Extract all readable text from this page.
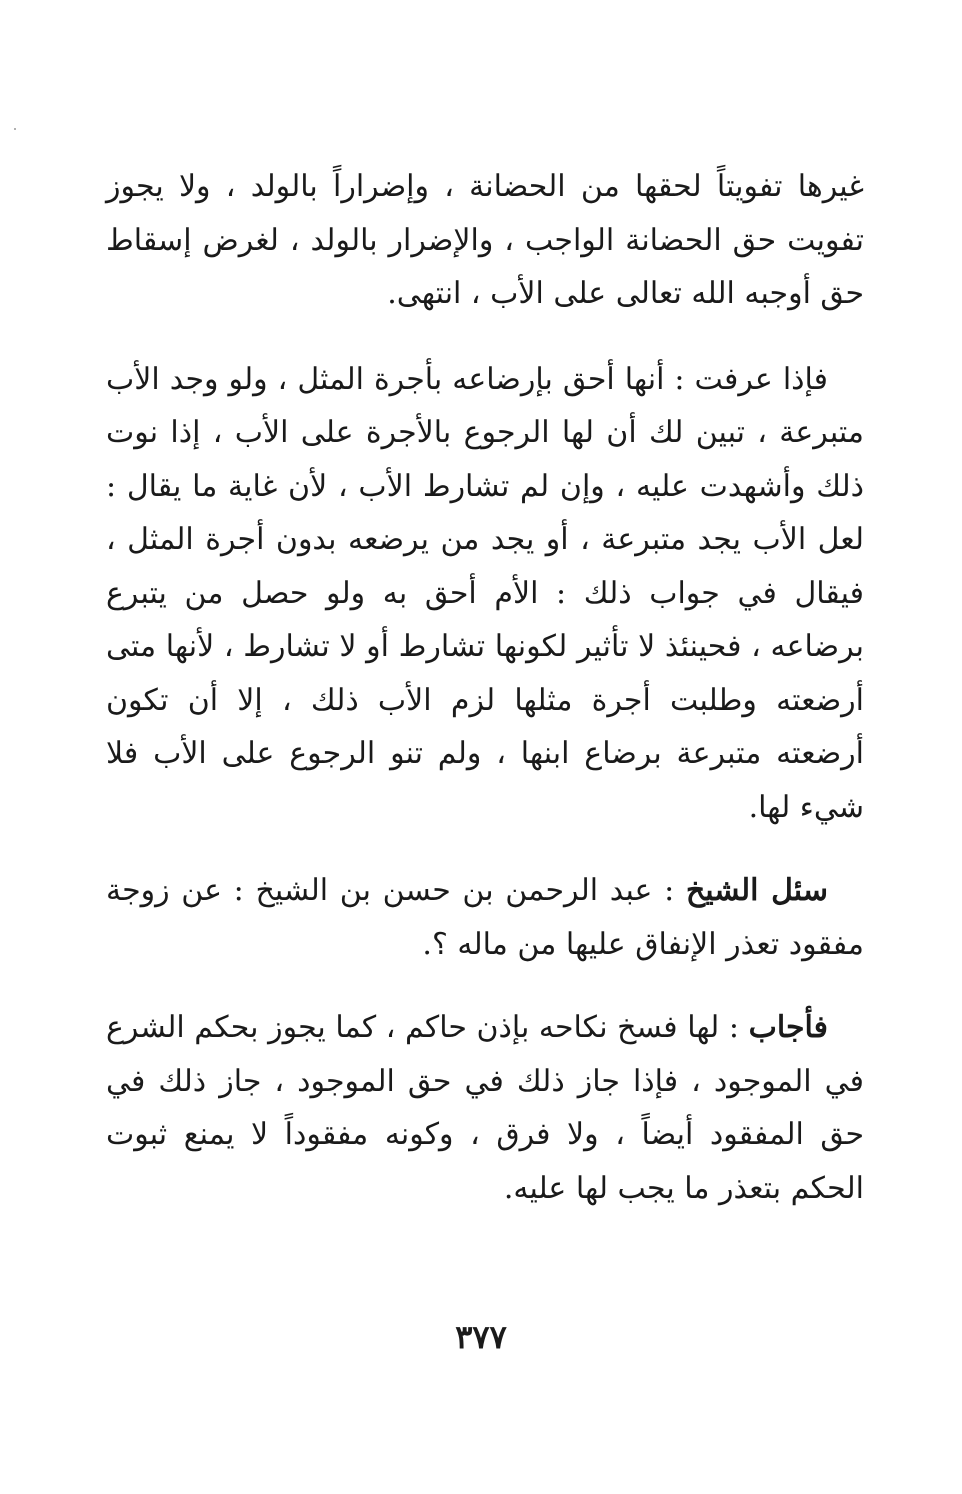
غيرها تفويتاً لحقها من الحضانة ، وإضراراً بالولد ، ولا يجوز تفويت حق الحضانة الواجب ، والإضرار بالولد ، لغرض إسقاط حق أوجبه الله تعالى على الأب ، انتهى.

فإذا عرفت : أنها أحق بإرضاعه بأجرة المثل ، ولو وجد الأب متبرعة ، تبين لك أن لها الرجوع بالأجرة على الأب ، إذا نوت ذلك وأشهدت عليه ، وإن لم تشارط الأب ، لأن غاية ما يقال : لعل الأب يجد متبرعة ، أو يجد من يرضعه بدون أجرة المثل ، فيقال في جواب ذلك : الأم أحق به ولو حصل من يتبرع برضاعه ، فحينئذ لا تأثير لكونها تشارط أو لا تشارط ، لأنها متى أرضعته وطلبت أجرة مثلها لزم الأب ذلك ، إلا أن تكون أرضعته متبرعة برضاع ابنها ، ولم تنو الرجوع على الأب فلا شيء لها.

سئل الشيخ : عبد الرحمن بن حسن بن الشيخ : عن زوجة مفقود تعذر الإنفاق عليها من ماله ؟.

فأجاب : لها فسخ نكاحه بإذن حاكم ، كما يجوز بحكم الشرع في الموجود ، فإذا جاز ذلك في حق الموجود ، جاز ذلك في حق المفقود أيضاً ، ولا فرق ، وكونه مفقوداً لا يمنع ثبوت الحكم بتعذر ما يجب لها عليه.

٣٧٧
